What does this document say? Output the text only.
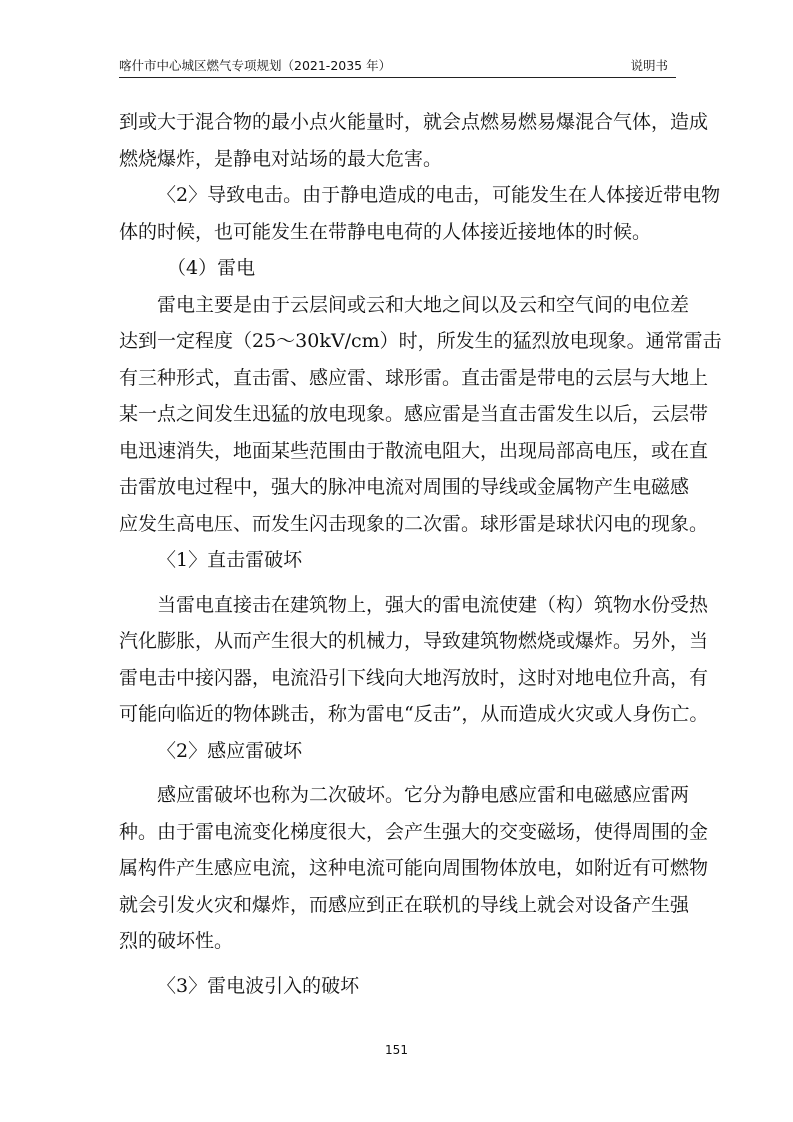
喀什市中心城区燃气专项规划（2021-2035 年）	说明书

到或大于混合物的最小点火能量时，就会点燃易燃易爆混合气体，造成
燃烧爆炸，是静电对站场的最大危害。

〈2〉导致电击。由于静电造成的电击，可能发生在人体接近带电物
体的时候，也可能发生在带静电电荷的人体接近接地体的时候。

（4）雷电

雷电主要是由于云层间或云和大地之间以及云和空气间的电位差
达到一定程度（25～30kV/cm）时，所发生的猛烈放电现象。通常雷击
有三种形式，直击雷、感应雷、球形雷。直击雷是带电的云层与大地上
某一点之间发生迅猛的放电现象。感应雷是当直击雷发生以后，云层带
电迅速消失，地面某些范围由于散流电阻大，出现局部高电压，或在直
击雷放电过程中，强大的脉冲电流对周围的导线或金属物产生电磁感
应发生高电压、而发生闪击现象的二次雷。球形雷是球状闪电的现象。

〈1〉直击雷破坏

当雷电直接击在建筑物上，强大的雷电流使建（构）筑物水份受热
汽化膨胀，从而产生很大的机械力，导致建筑物燃烧或爆炸。另外，当
雷电击中接闪器，电流沿引下线向大地泻放时，这时对地电位升高，有
可能向临近的物体跳击，称为雷电“反击”，从而造成火灾或人身伤亡。

〈2〉感应雷破坏

感应雷破坏也称为二次破坏。它分为静电感应雷和电磁感应雷两
种。由于雷电流变化梯度很大，会产生强大的交变磁场，使得周围的金
属构件产生感应电流，这种电流可能向周围物体放电，如附近有可燃物
就会引发火灾和爆炸，而感应到正在联机的导线上就会对设备产生强
烈的破坏性。

〈3〉雷电波引入的破坏

151
